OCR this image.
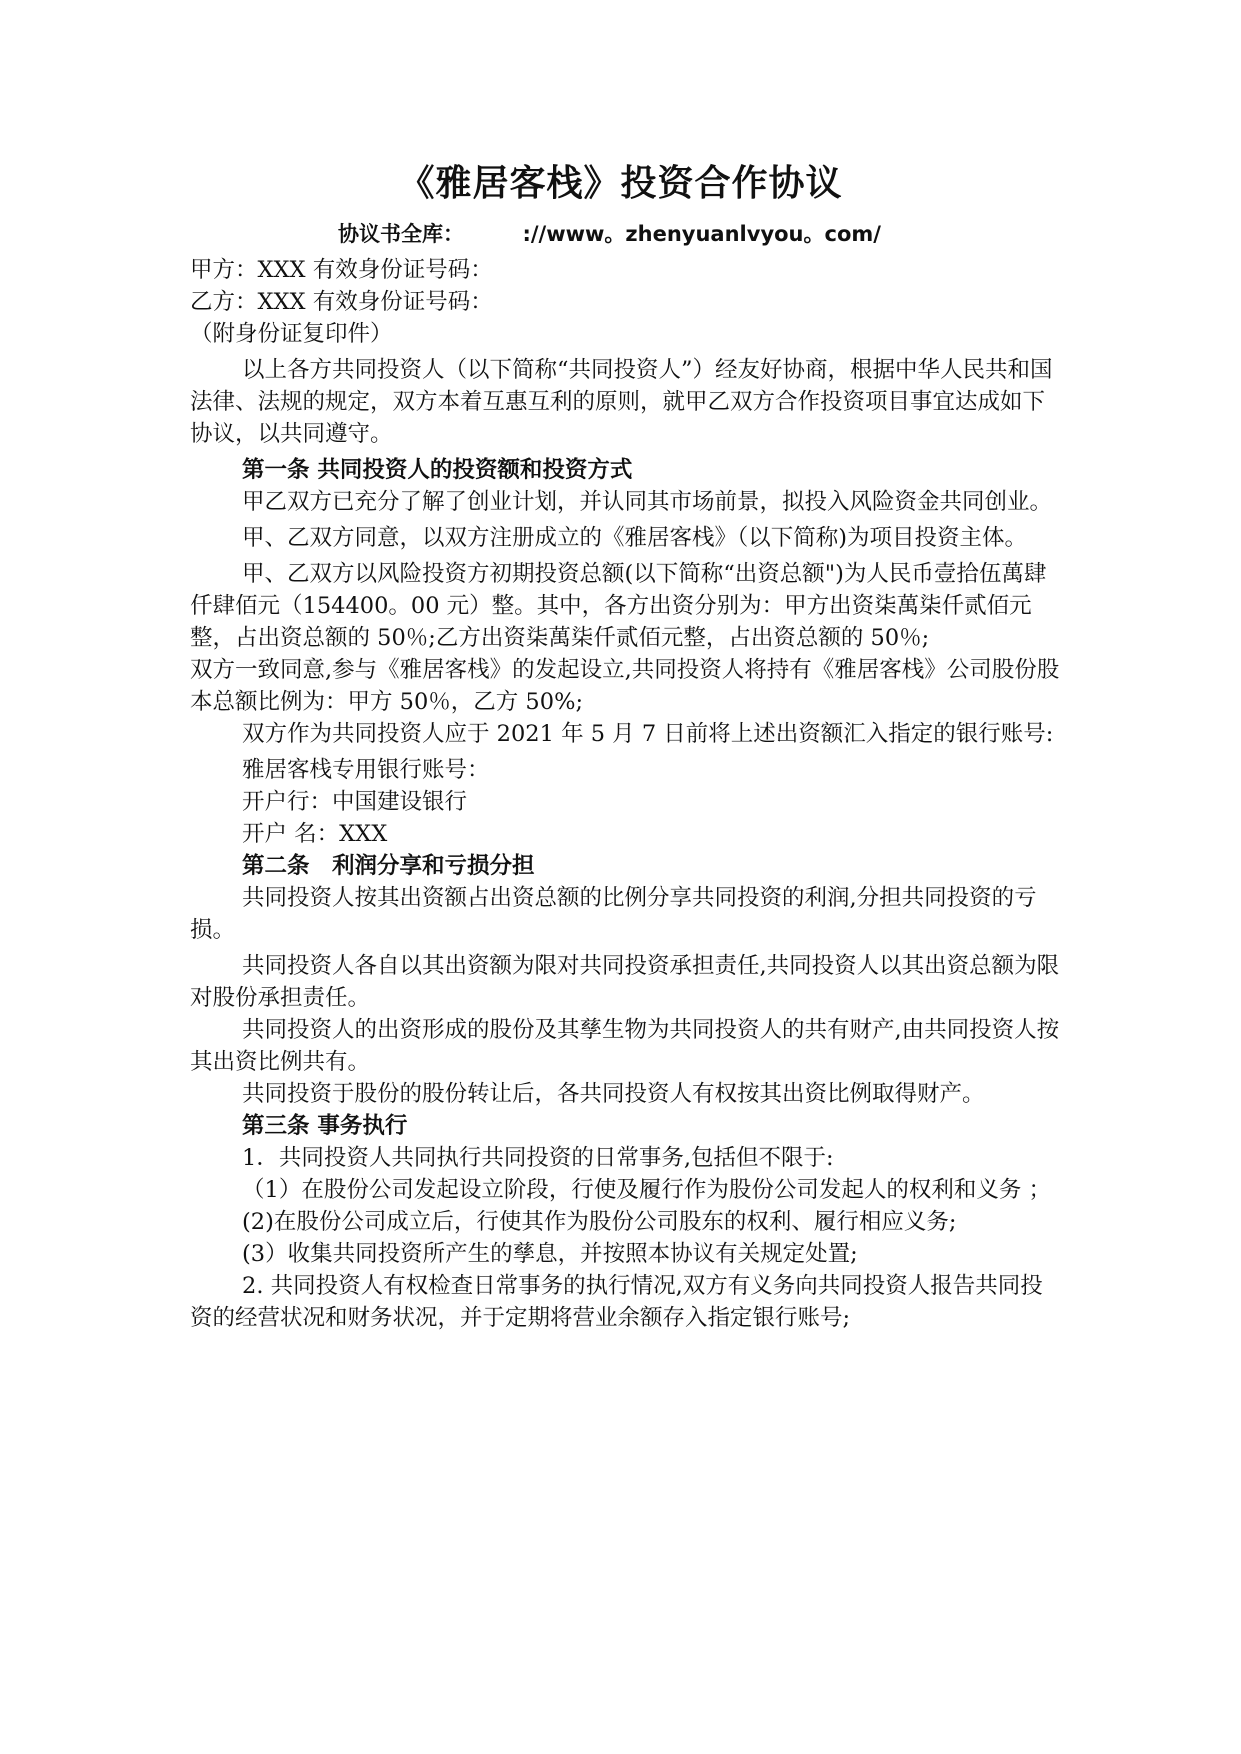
《雅居客栈》投资合作协议
协议书全库：        ://www。zhenyuanlvyou。com/

甲方：XXX 有效身份证号码：

乙方：XXX 有效身份证号码：

（附身份证复印件）

以上各方共同投资人（以下简称“共同投资人”）经友好协商，根据中华人民共和国法律、法规的规定，双方本着互惠互利的原则，就甲乙双方合作投资项目事宜达成如下协议，以共同遵守。

第一条 共同投资人的投资额和投资方式

甲乙双方已充分了解了创业计划，并认同其市场前景，拟投入风险资金共同创业。

甲、乙双方同意，以双方注册成立的《雅居客栈》（以下简称)为项目投资主体。

甲、乙双方以风险投资方初期投资总额(以下简称“出资总额")为人民币壹拾伍萬肆仟肆佰元（154400。00 元）整。其中，各方出资分别为：甲方出资柒萬柒仟贰佰元整，占出资总额的 50％;乙方出资柒萬柒仟贰佰元整，占出资总额的 50％;

双方一致同意,参与《雅居客栈》的发起设立,共同投资人将持有《雅居客栈》公司股份股本总额比例为：甲方 50％，乙方 50%;

双方作为共同投资人应于 2021 年 5 月 7 日前将上述出资额汇入指定的银行账号:

雅居客栈专用银行账号：

开户行：中国建设银行

开户 名：XXX

第二条　利润分享和亏损分担

共同投资人按其出资额占出资总额的比例分享共同投资的利润,分担共同投资的亏损。

共同投资人各自以其出资额为限对共同投资承担责任,共同投资人以其出资总额为限对股份承担责任。

共同投资人的出资形成的股份及其孳生物为共同投资人的共有财产,由共同投资人按其出资比例共有。

共同投资于股份的股份转让后，各共同投资人有权按其出资比例取得财产。

第三条 事务执行

1．共同投资人共同执行共同投资的日常事务,包括但不限于:

（1）在股份公司发起设立阶段，行使及履行作为股份公司发起人的权利和义务 ；

(2)在股份公司成立后，行使其作为股份公司股东的权利、履行相应义务;

(3）收集共同投资所产生的孳息，并按照本协议有关规定处置;

2. 共同投资人有权检查日常事务的执行情况,双方有义务向共同投资人报告共同投资的经营状况和财务状况，并于定期将营业余额存入指定银行账号;
